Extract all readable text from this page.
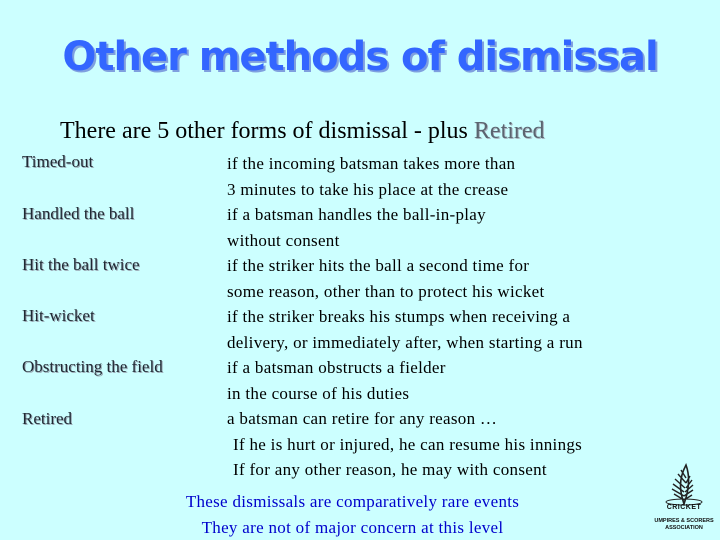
Other methods of dismissal
There are 5 other forms of dismissal - plus Retired
Timed-out
Handled the ball
Hit the ball twice
Hit-wicket
Obstructing the field
Retired
if the incoming batsman takes more than
3 minutes to take his place at the crease
if a batsman handles the ball-in-play
without consent
if the striker hits the ball a second time for
some reason, other than to protect his wicket
if the striker breaks his stumps when receiving a
delivery, or immediately after, when starting a run
if a batsman obstructs a fielder
in the course of his duties
a batsman can retire for any reason …
If he is hurt or injured, he can resume his innings
If for any other reason, he may with consent
These dismissals are comparatively rare events
They are not of major concern at this level
CRICKET
UMPIRES & SCORERS
ASSOCIATION
